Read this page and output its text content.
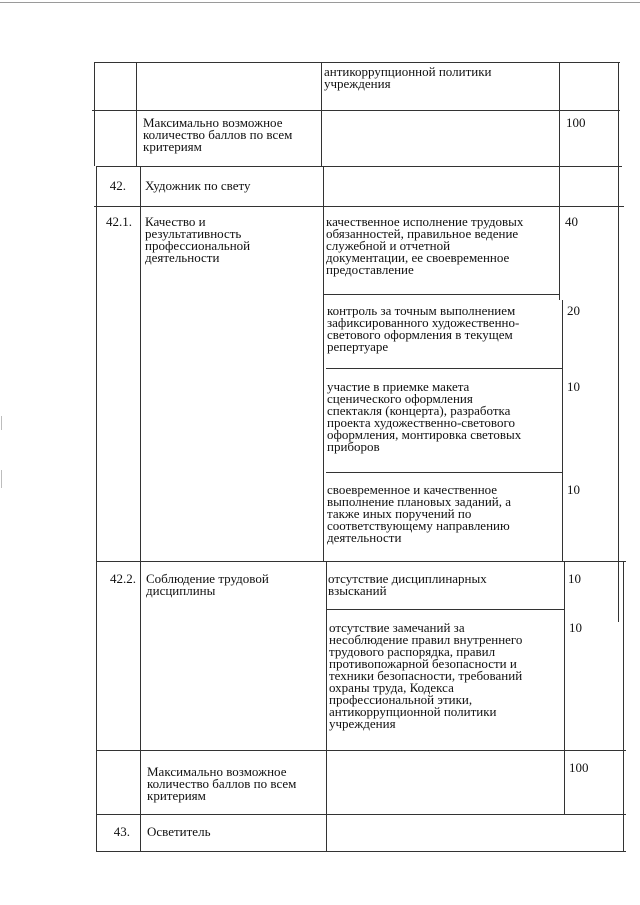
антикоррупционной политики
учреждения
Максимально возможное
количество баллов по всем
критериям
100
42. Художник по свету
42.1. Качество и
результативность
профессиональной
деятельности
качественное исполнение трудовых
обязанностей, правильное ведение
служебной и отчетной
документации, ее своевременное
предоставление
40
контроль за точным выполнением
зафиксированного художественно-
светового оформления в текущем
репертуаре
20
участие в приемке макета
сценического оформления
спектакля (концерта), разработка
проекта художественно-светового
оформления, монтировка световых
приборов
10
своевременное и качественное
выполнение плановых заданий, а
также иных поручений по
соответствующему направлению
деятельности
10
42.2. Соблюдение трудовой
дисциплины
отсутствие дисциплинарных
взысканий
10
отсутствие замечаний за
несоблюдение правил внутреннего
трудового распорядка, правил
противопожарной безопасности и
техники безопасности, требований
охраны труда, Кодекса
профессиональной этики,
антикоррупционной политики
учреждения
10
Максимально возможное
количество баллов по всем
критериям
100
43. Осветитель
